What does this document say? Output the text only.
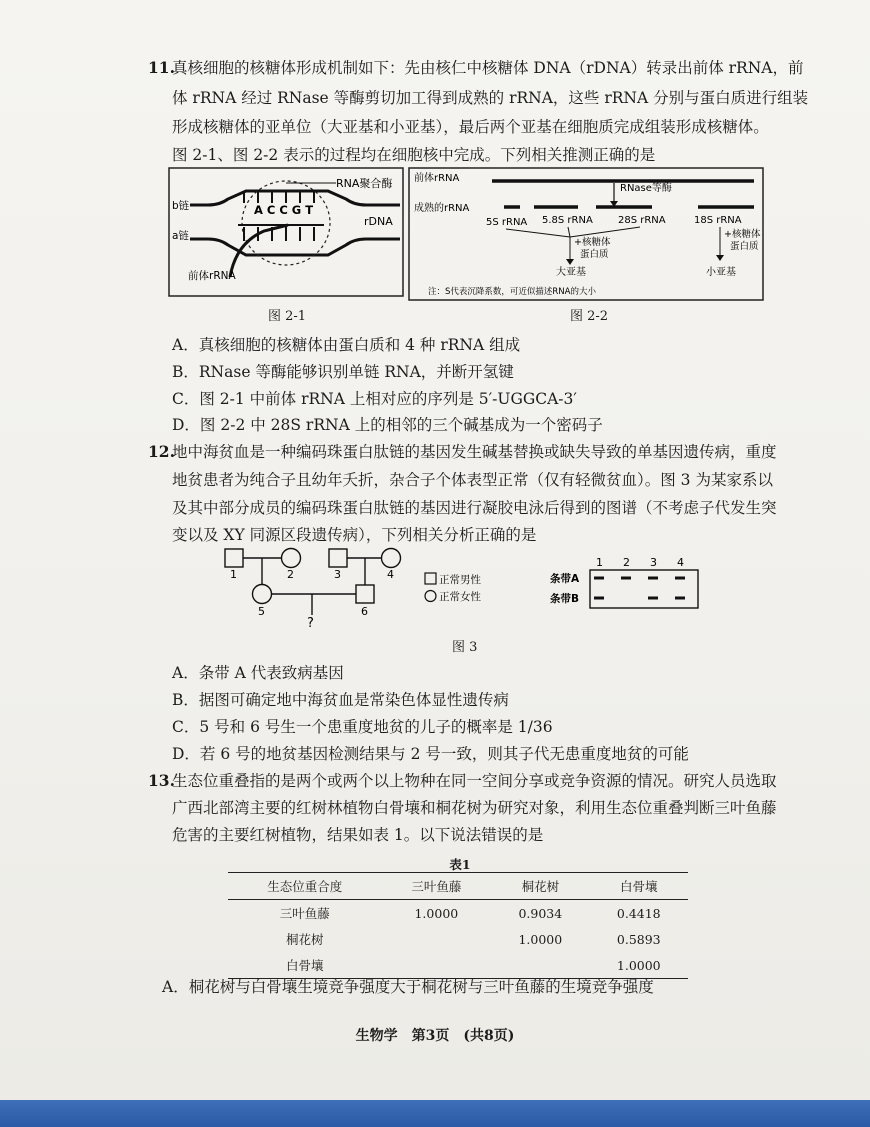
11.
真核细胞的核糖体形成机制如下：先由核仁中核糖体 DNA（rDNA）转录出前体 rRNA，前
体 rRNA 经过 RNase 等酶剪切加工得到成熟的 rRNA，这些 rRNA 分别与蛋白质进行组装
形成核糖体的亚单位（大亚基和小亚基），最后两个亚基在细胞质完成组装形成核糖体。
图 2-1、图 2-2 表示的过程均在细胞核中完成。下列相关推测正确的是
A C C G T
RNA聚合酶
b链
a链
rDNA
前体rRNA
图 2-1
前体rRNA
RNase等酶
成熟的rRNA
5S rRNA 5.8S rRNA	28S rRNA	18S rRNA
+核糖体
蛋白质
大亚基
+核糖体
蛋白质
小亚基
注：S代表沉降系数，可近似描述RNA的大小
图 2-2
A．真核细胞的核糖体由蛋白质和 4 种 rRNA 组成
B．RNase 等酶能够识别单链 RNA，并断开氢键
C．图 2-1 中前体 rRNA 上相对应的序列是 5′-UGGCA-3′
D．图 2-2 中 28S rRNA 上的相邻的三个碱基成为一个密码子
12.
地中海贫血是一种编码珠蛋白肽链的基因发生碱基替换或缺失导致的单基因遗传病，重度
地贫患者为纯合子且幼年夭折，杂合子个体表型正常（仅有轻微贫血）。图 3 为某家系以
及其中部分成员的编码珠蛋白肽链的基因进行凝胶电泳后得到的图谱（不考虑子代发生突
变以及 XY 同源区段遗传病），下列相关分析正确的是
1	2	3	4
5	6
?
正常男性
正常女性
1 2 3 4
条带A
条带B
图 3
A．条带 A 代表致病基因
B．据图可确定地中海贫血是常染色体显性遗传病
C．5 号和 6 号生一个患重度地贫的儿子的概率是 1/36
D．若 6 号的地贫基因检测结果与 2 号一致，则其子代无患重度地贫的可能
13.
生态位重叠指的是两个或两个以上物种在同一空间分享或竞争资源的情况。研究人员选取
广西北部湾主要的红树林植物白骨壤和桐花树为研究对象，利用生态位重叠判断三叶鱼藤
危害的主要红树植物，结果如表 1。以下说法错误的是
表1
生态位重合度	三叶鱼藤	桐花树	白骨壤
三叶鱼藤	1.0000	0.9034	0.4418
桐花树		1.0000	0.5893
白骨壤			1.0000
A．桐花树与白骨壤生境竞争强度大于桐花树与三叶鱼藤的生境竞争强度
生物学　第3页　(共8页)
